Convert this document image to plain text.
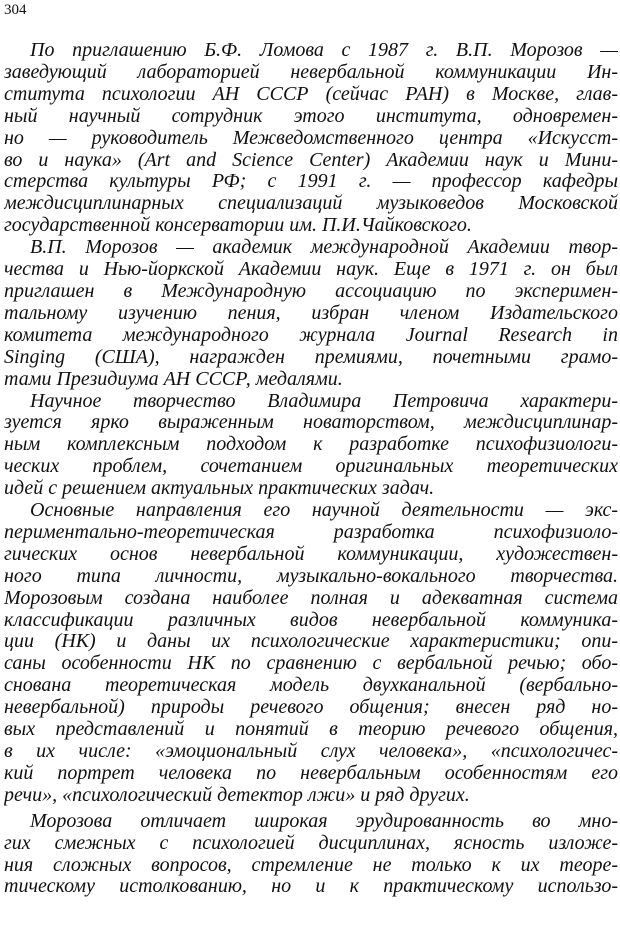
304
По приглашению Б.Ф. Ломова с 1987 г. В.П. Морозов —
заведующий лабораторией невербальной коммуникации Ин-
ститута психологии АН СССР (сейчас РАН) в Москве, глав-
ный научный сотрудник этого института, одновремен-
но — руководитель Межведомственного центра «Искусст-
во и наука» (Art and Science Center) Академии наук и Мини-
стерства культуры РФ; с 1991 г. — профессор кафедры
междисциплинарных специализаций музыковедов Московской
государственной консерватории им. П.И.Чайковского.
В.П. Морозов — академик международной Академии твор-
чества и Нью-йоркской Академии наук. Еще в 1971 г. он был
приглашен в Международную ассоциацию по эксперимен-
тальному изучению пения, избран членом Издательского
комитета международного журнала Journal Research in
Singing (США), награжден премиями, почетными грамо-
тами Президиума АН СССР, медалями.
Научное творчество Владимира Петровича характери-
зуется ярко выраженным новаторством, междисциплинар-
ным комплексным подходом к разработке психофизиологи-
ческих проблем, сочетанием оригинальных теоретических
идей с решением актуальных практических задач.
Основные направления его научной деятельности — экс-
периментально-теоретическая разработка психофизиоло-
гических основ невербальной коммуникации, художествен-
ного типа личности, музыкально-вокального творчества.
Морозовым создана наиболее полная и адекватная система
классификации различных видов невербальной коммуника-
ции (НК) и даны их психологические характеристики; опи-
саны особенности НК по сравнению с вербальной речью; обо-
снована теоретическая модель двухканальной (вербально-
невербальной) природы речевого общения; внесен ряд но-
вых представлений и понятий в теорию речевого общения,
в их числе: «эмоциональный слух человека», «психологичес-
кий портрет человека по невербальным особенностям его
речи», «психологический детектор лжи» и ряд других.
Морозова отличает широкая эрудированность во мно-
гих смежных с психологией дисциплинах, ясность изложе-
ния сложных вопросов, стремление не только к их теоре-
тическому истолкованию, но и к практическому использо-
